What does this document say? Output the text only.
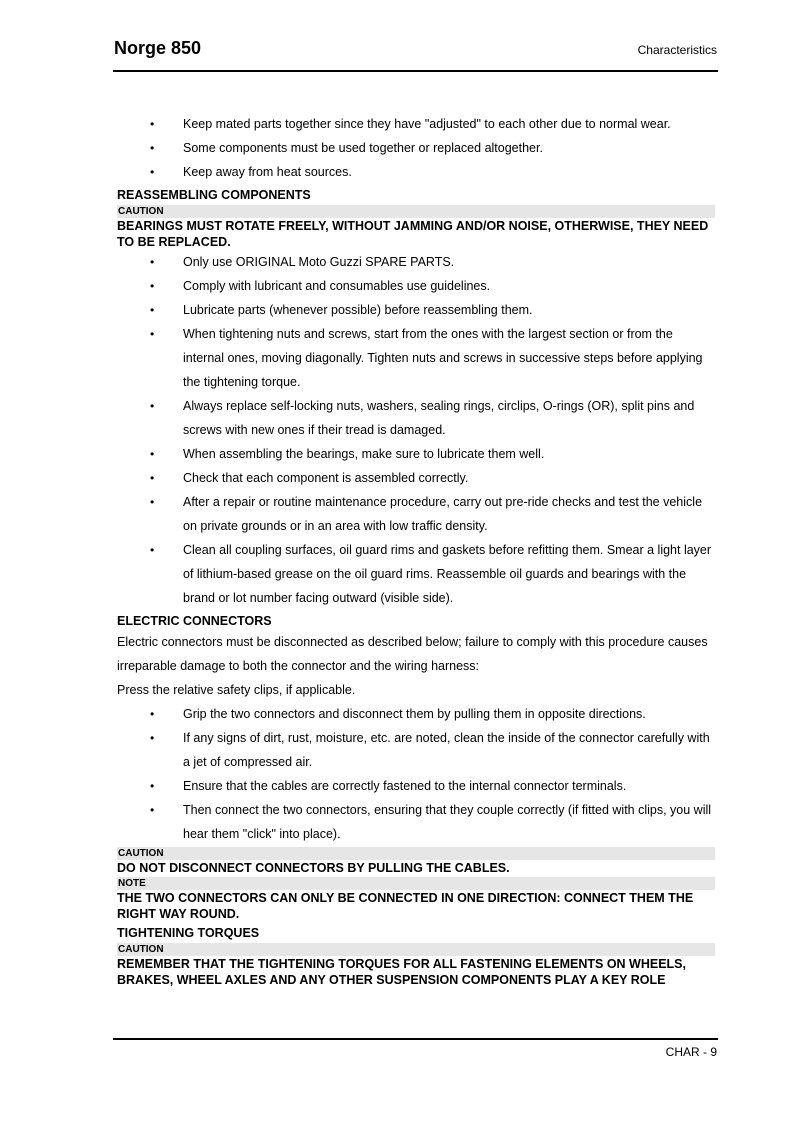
Norge 850	Characteristics
• Keep mated parts together since they have "adjusted" to each other due to normal wear.
• Some components must be used together or replaced altogether.
• Keep away from heat sources.
REASSEMBLING COMPONENTS
CAUTION
BEARINGS MUST ROTATE FREELY, WITHOUT JAMMING AND/OR NOISE, OTHERWISE, THEY NEED TO BE REPLACED.
• Only use ORIGINAL Moto Guzzi SPARE PARTS.
• Comply with lubricant and consumables use guidelines.
• Lubricate parts (whenever possible) before reassembling them.
• When tightening nuts and screws, start from the ones with the largest section or from the internal ones, moving diagonally. Tighten nuts and screws in successive steps before applying the tightening torque.
• Always replace self-locking nuts, washers, sealing rings, circlips, O-rings (OR), split pins and screws with new ones if their tread is damaged.
• When assembling the bearings, make sure to lubricate them well.
• Check that each component is assembled correctly.
• After a repair or routine maintenance procedure, carry out pre-ride checks and test the vehicle on private grounds or in an area with low traffic density.
• Clean all coupling surfaces, oil guard rims and gaskets before refitting them. Smear a light layer of lithium-based grease on the oil guard rims. Reassemble oil guards and bearings with the brand or lot number facing outward (visible side).
ELECTRIC CONNECTORS
Electric connectors must be disconnected as described below; failure to comply with this procedure causes irreparable damage to both the connector and the wiring harness:
Press the relative safety clips, if applicable.
• Grip the two connectors and disconnect them by pulling them in opposite directions.
• If any signs of dirt, rust, moisture, etc. are noted, clean the inside of the connector carefully with a jet of compressed air.
• Ensure that the cables are correctly fastened to the internal connector terminals.
• Then connect the two connectors, ensuring that they couple correctly (if fitted with clips, you will hear them "click" into place).
CAUTION
DO NOT DISCONNECT CONNECTORS BY PULLING THE CABLES.
NOTE
THE TWO CONNECTORS CAN ONLY BE CONNECTED IN ONE DIRECTION: CONNECT THEM THE RIGHT WAY ROUND.
TIGHTENING TORQUES
CAUTION
REMEMBER THAT THE TIGHTENING TORQUES FOR ALL FASTENING ELEMENTS ON WHEELS, BRAKES, WHEEL AXLES AND ANY OTHER SUSPENSION COMPONENTS PLAY A KEY ROLE
CHAR - 9
